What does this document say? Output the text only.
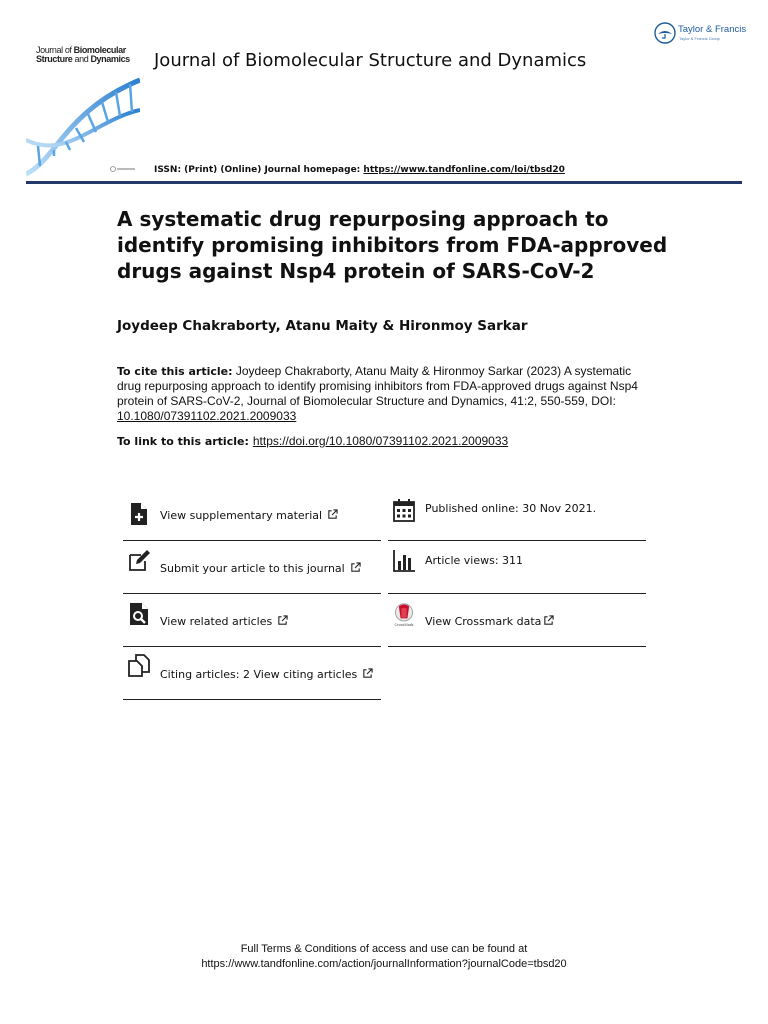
Journal of Biomolecular
Structure and Dynamics Journal of Biomolecular Structure and Dynamics
Taylor & Francis
Taylor & Francis Group
ISSN: (Print) (Online) Journal homepage: https://www.tandfonline.com/loi/tbsd20
A systematic drug repurposing approach to identify promising inhibitors from FDA-approved drugs against Nsp4 protein of SARS-CoV-2
Joydeep Chakraborty, Atanu Maity & Hironmoy Sarkar
To cite this article: Joydeep Chakraborty, Atanu Maity & Hironmoy Sarkar (2023) A systematic drug repurposing approach to identify promising inhibitors from FDA-approved drugs against Nsp4 protein of SARS-CoV-2, Journal of Biomolecular Structure and Dynamics, 41:2, 550-559, DOI: 10.1080/07391102.2021.2009033
To link to this article: https://doi.org/10.1080/07391102.2021.2009033
View supplementary material
Published online: 30 Nov 2021.
Submit your article to this journal
Article views: 311
View related articles	CrossMark View Crossmark data
Citing articles: 2 View citing articles
Full Terms & Conditions of access and use can be found at
https://www.tandfonline.com/action/journalInformation?journalCode=tbsd20
